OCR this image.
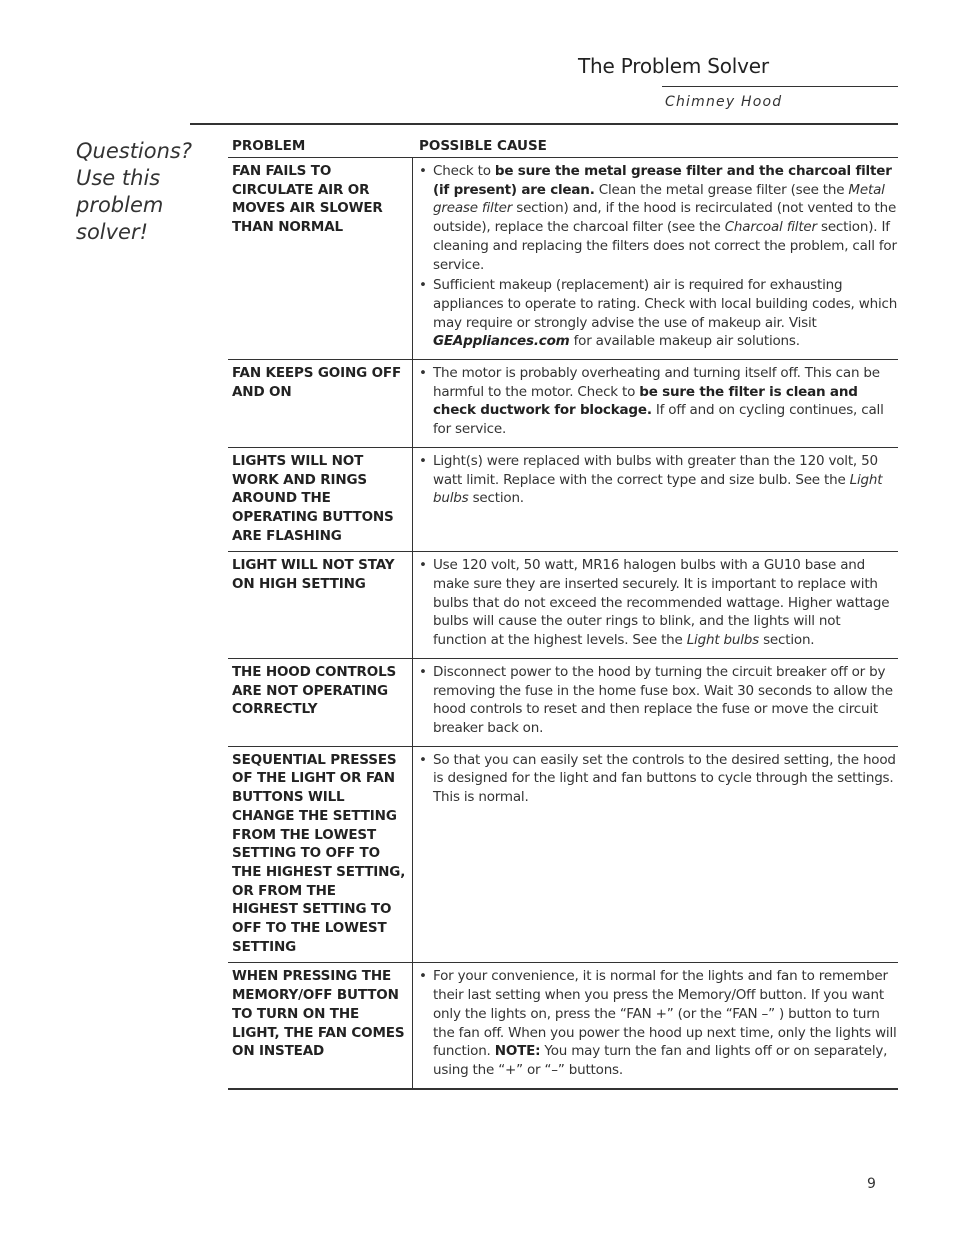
The Problem Solver
Chimney Hood
Questions?
Use this
problem
solver!
PROBLEM	POSSIBLE CAUSE
FAN FAILS TO CIRCULATE AIR OR MOVES AIR SLOWER THAN NORMAL
• Check to be sure the metal grease filter and the charcoal filter (if present) are clean. Clean the metal grease filter (see the Metal grease filter section) and, if the hood is recirculated (not vented to the outside), replace the charcoal filter (see the Charcoal filter section). If cleaning and replacing the filters does not correct the problem, call for service.
• Sufficient makeup (replacement) air is required for exhausting appliances to operate to rating. Check with local building codes, which may require or strongly advise the use of makeup air. Visit GEAppliances.com for available makeup air solutions.
FAN KEEPS GOING OFF AND ON
• The motor is probably overheating and turning itself off. This can be harmful to the motor. Check to be sure the filter is clean and check ductwork for blockage. If off and on cycling continues, call for service.
LIGHTS WILL NOT WORK AND RINGS AROUND THE OPERATING BUTTONS ARE FLASHING
• Light(s) were replaced with bulbs with greater than the 120 volt, 50 watt limit. Replace with the correct type and size bulb. See the Light bulbs section.
LIGHT WILL NOT STAY ON HIGH SETTING
• Use 120 volt, 50 watt, MR16 halogen bulbs with a GU10 base and make sure they are inserted securely. It is important to replace with bulbs that do not exceed the recommended wattage. Higher wattage bulbs will cause the outer rings to blink, and the lights will not function at the highest levels. See the Light bulbs section.
THE HOOD CONTROLS ARE NOT OPERATING CORRECTLY
• Disconnect power to the hood by turning the circuit breaker off or by removing the fuse in the home fuse box. Wait 30 seconds to allow the hood controls to reset and then replace the fuse or move the circuit breaker back on.
SEQUENTIAL PRESSES OF THE LIGHT OR FAN BUTTONS WILL CHANGE THE SETTING FROM THE LOWEST SETTING TO OFF TO THE HIGHEST SETTING, OR FROM THE HIGHEST SETTING TO OFF TO THE LOWEST SETTING
• So that you can easily set the controls to the desired setting, the hood is designed for the light and fan buttons to cycle through the settings. This is normal.
WHEN PRESSING THE MEMORY/OFF BUTTON TO TURN ON THE LIGHT, THE FAN COMES ON INSTEAD
• For your convenience, it is normal for the lights and fan to remember their last setting when you press the Memory/Off button. If you want only the lights on, press the “FAN +” (or the “FAN –” ) button to turn the fan off. When you power the hood up next time, only the lights will function. NOTE: You may turn the fan and lights off or on separately, using the “+” or “–” buttons.
9
